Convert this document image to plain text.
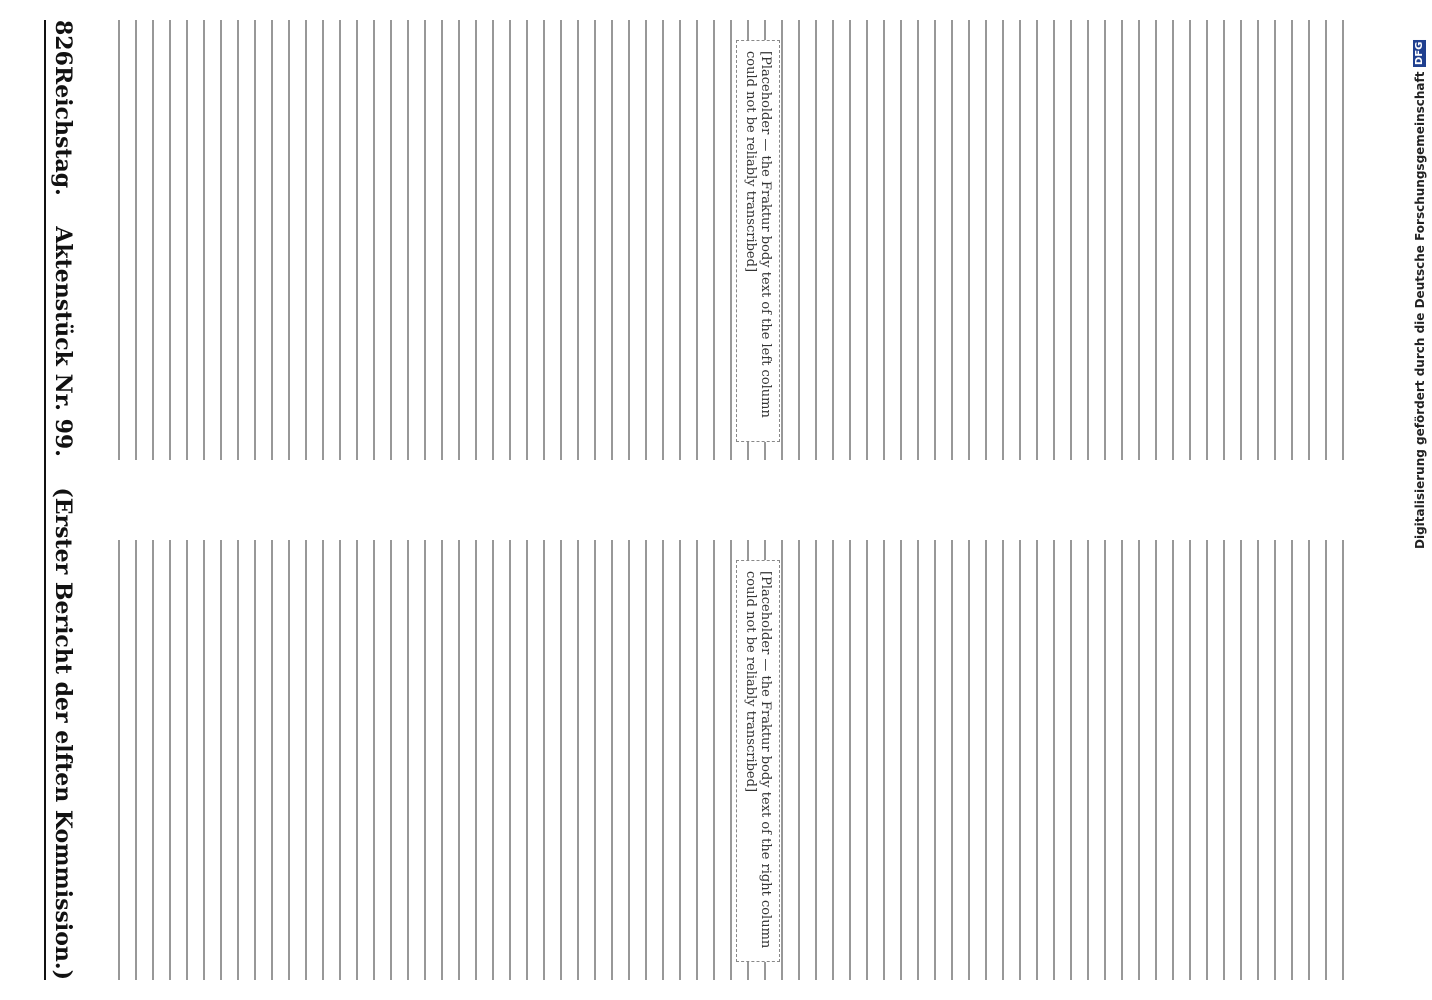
826
Reichstag.
Aktenstück Nr. 99.
(Erster Bericht der elften Kommission.)
[Placeholder — the Fraktur body text of the left column could not be reliably transcribed]
[Placeholder — the Fraktur body text of the right column could not be reliably transcribed]
Digitalisierung gefördert durch die Deutsche Forschungsgemeinschaft DFG
